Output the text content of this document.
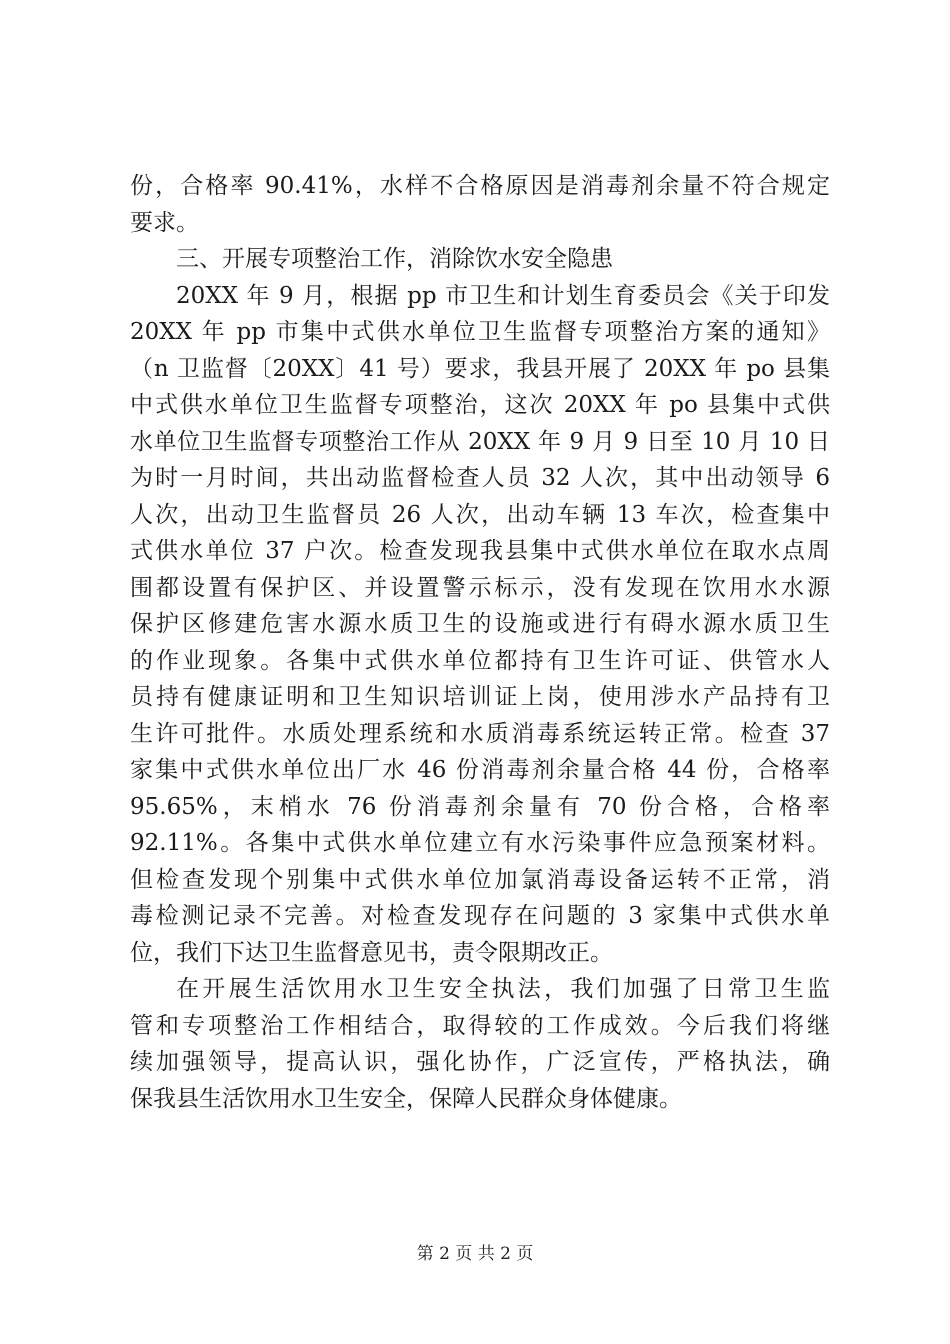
份，合格率 90.41%，水样不合格原因是消毒剂余量不符合规定
要求。
三、开展专项整治工作，消除饮水安全隐患
20XX 年 9 月，根据 pp 市卫生和计划生育委员会《关于印发
20XX 年 pp 市集中式供水单位卫生监督专项整治方案的通知》
（n 卫监督〔20XX〕41 号）要求，我县开展了 20XX 年 po 县集
中式供水单位卫生监督专项整治，这次 20XX 年 po 县集中式供
水单位卫生监督专项整治工作从 20XX 年 9 月 9 日至 10 月 10 日
为时一月时间，共出动监督检查人员 32 人次，其中出动领导 6
人次，出动卫生监督员 26 人次，出动车辆 13 车次，检查集中
式供水单位 37 户次。检查发现我县集中式供水单位在取水点周
围都设置有保护区、并设置警示标示，没有发现在饮用水水源
保护区修建危害水源水质卫生的设施或进行有碍水源水质卫生
的作业现象。各集中式供水单位都持有卫生许可证、供管水人
员持有健康证明和卫生知识培训证上岗，使用涉水产品持有卫
生许可批件。水质处理系统和水质消毒系统运转正常。检查 37
家集中式供水单位出厂水 46 份消毒剂余量合格 44 份，合格率
95.65%，末梢水 76 份消毒剂余量有 70 份合格，合格率
92.11%。各集中式供水单位建立有水污染事件应急预案材料。
但检查发现个别集中式供水单位加氯消毒设备运转不正常，消
毒检测记录不完善。对检查发现存在问题的 3 家集中式供水单
位，我们下达卫生监督意见书，责令限期改正。
在开展生活饮用水卫生安全执法，我们加强了日常卫生监
管和专项整治工作相结合，取得较的工作成效。今后我们将继
续加强领导，提高认识，强化协作，广泛宣传，严格执法，确
保我县生活饮用水卫生安全，保障人民群众身体健康。
第 2 页 共 2 页
